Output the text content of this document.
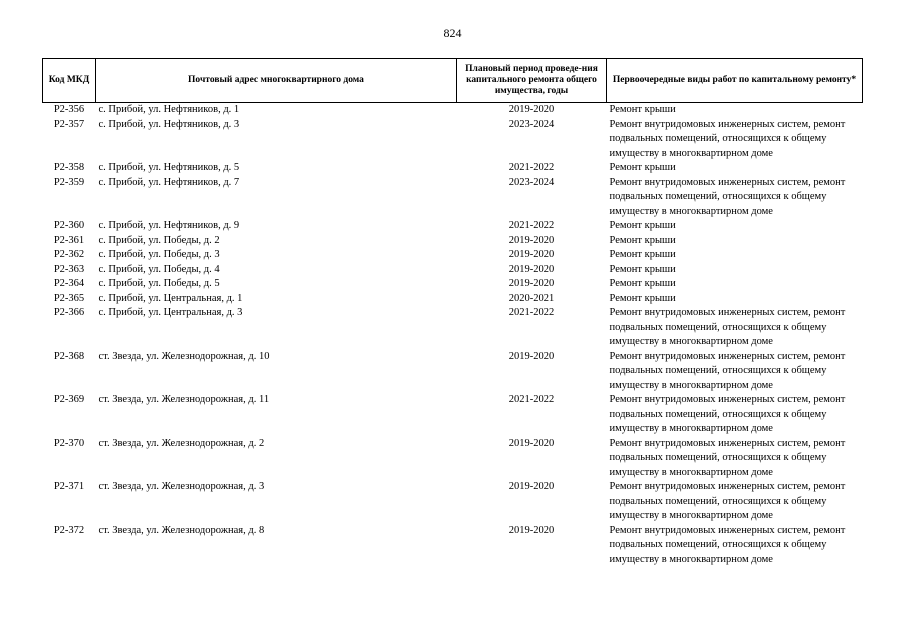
824
Код МКД	Почтовый адрес многоквартирного дома	Плановый период проведе-ния капитального ремонта общего имущества, годы	Первоочередные виды работ по капитальному ремонту*
Р2-356	с. Прибой, ул. Нефтяников, д. 1	2019-2020	Ремонт крыши
Р2-357	с. Прибой, ул. Нефтяников, д. 3	2023-2024	Ремонт внутридомовых инженерных систем, ремонт подвальных помещений, относящихся к общему имуществу в многоквартирном доме
Р2-358	с. Прибой, ул. Нефтяников, д. 5	2021-2022	Ремонт крыши
Р2-359	с. Прибой, ул. Нефтяников, д. 7	2023-2024	Ремонт внутридомовых инженерных систем, ремонт подвальных помещений, относящихся к общему имуществу в многоквартирном доме
Р2-360	с. Прибой, ул. Нефтяников, д. 9	2021-2022	Ремонт крыши
Р2-361	с. Прибой, ул. Победы, д. 2	2019-2020	Ремонт крыши
Р2-362	с. Прибой, ул. Победы, д. 3	2019-2020	Ремонт крыши
Р2-363	с. Прибой, ул. Победы, д. 4	2019-2020	Ремонт крыши
Р2-364	с. Прибой, ул. Победы, д. 5	2019-2020	Ремонт крыши
Р2-365	с. Прибой, ул. Центральная, д. 1	2020-2021	Ремонт крыши
Р2-366	с. Прибой, ул. Центральная, д. 3	2021-2022	Ремонт внутридомовых инженерных систем, ремонт подвальных помещений, относящихся к общему имуществу в многоквартирном доме
Р2-368	ст. Звезда, ул. Железнодорожная, д. 10	2019-2020	Ремонт внутридомовых инженерных систем, ремонт подвальных помещений, относящихся к общему имуществу в многоквартирном доме
Р2-369	ст. Звезда, ул. Железнодорожная, д. 11	2021-2022	Ремонт внутридомовых инженерных систем, ремонт подвальных помещений, относящихся к общему имуществу в многоквартирном доме
Р2-370	ст. Звезда, ул. Железнодорожная, д. 2	2019-2020	Ремонт внутридомовых инженерных систем, ремонт подвальных помещений, относящихся к общему имуществу в многоквартирном доме
Р2-371	ст. Звезда, ул. Железнодорожная, д. 3	2019-2020	Ремонт внутридомовых инженерных систем, ремонт подвальных помещений, относящихся к общему имуществу в многоквартирном доме
Р2-372	ст. Звезда, ул. Железнодорожная, д. 8	2019-2020	Ремонт внутридомовых инженерных систем, ремонт подвальных помещений, относящихся к общему имуществу в многоквартирном доме
